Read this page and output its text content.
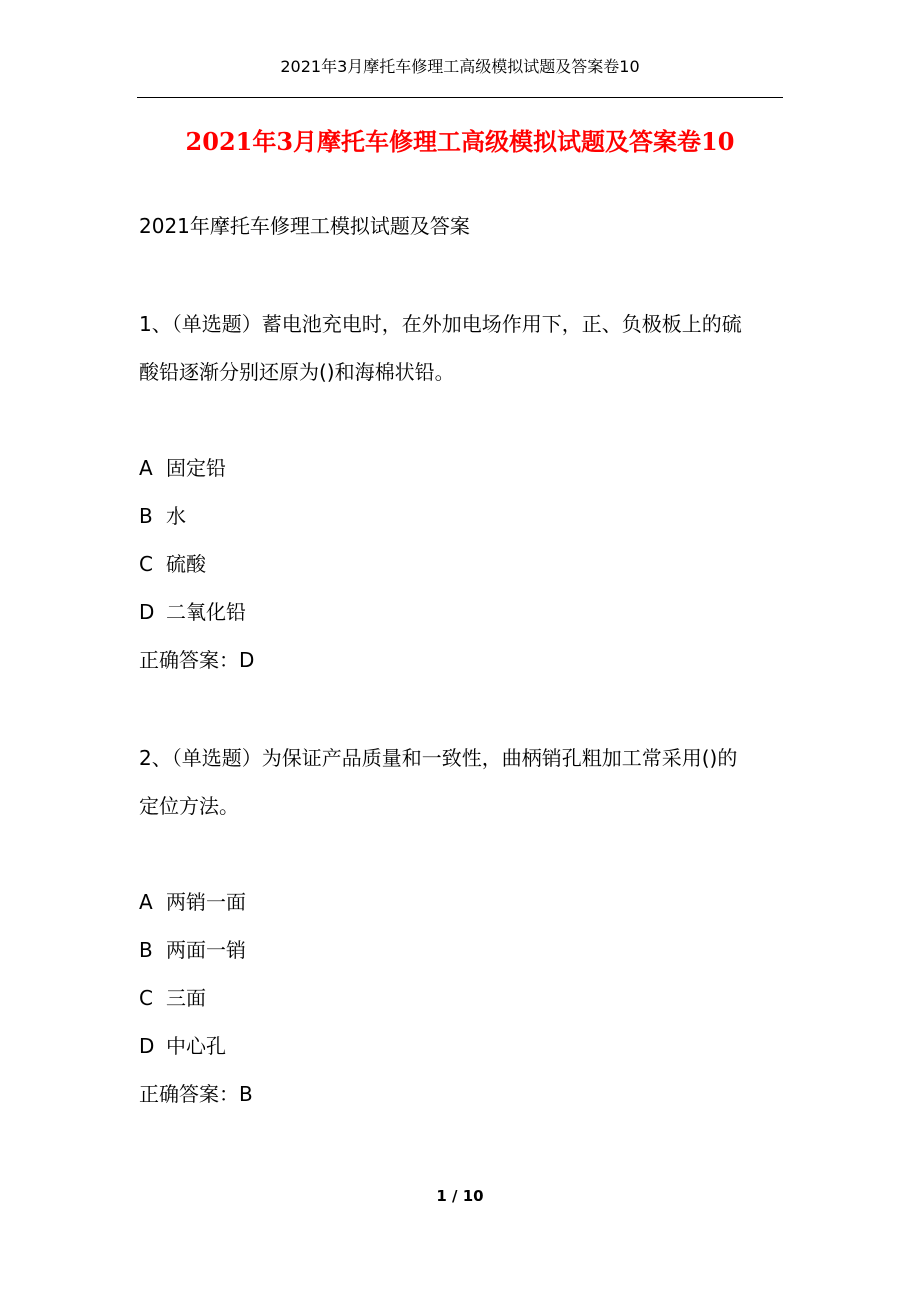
2021年3月摩托车修理工高级模拟试题及答案卷10
2021年3月摩托车修理工高级模拟试题及答案卷10
2021年摩托车修理工模拟试题及答案
1、（单选题）蓄电池充电时，在外加电场作用下，正、负极板上的硫
酸铅逐渐分别还原为()和海棉状铅。
A 固定铅
B 水
C 硫酸
D 二氧化铅
正确答案：D
2、（单选题）为保证产品质量和一致性，曲柄销孔粗加工常采用()的
定位方法。
A 两销一面
B 两面一销
C 三面
D 中心孔
正确答案：B
1 / 10
